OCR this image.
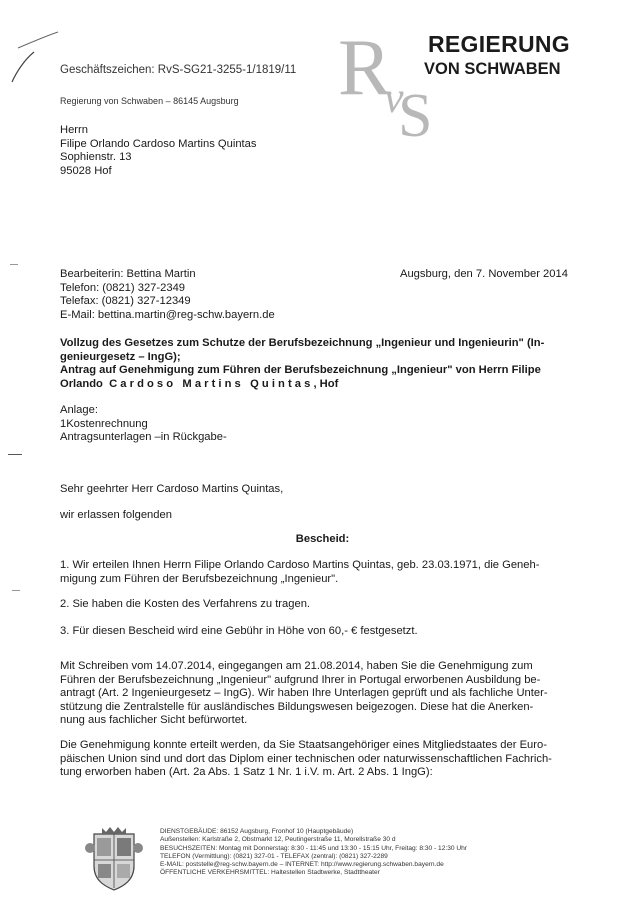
Geschäftszeichen: RvS-SG21-3255-1/1819/11
Regierung von Schwaben – 86145 Augsburg R
v
S
REGIERUNG
VON SCHWABEN
Herrn
Filipe Orlando Cardoso Martins Quintas
Sophienstr. 13
95028 Hof
Bearbeiterin: Bettina Martin
Telefon: (0821) 327-2349
Telefax: (0821) 327-12349
E-Mail: bettina.martin@reg-schw.bayern.de
Augsburg, den 7. November 2014
Vollzug des Gesetzes zum Schutze der Berufsbezeichnung „Ingenieur und Ingenieurin" (In-
genieurgesetz – IngG);
Antrag auf Genehmigung zum Führen der Berufsbezeichnung „Ingenieur" von Herrn Filipe
Orlando Cardoso Martins Quintas, Hof
Anlage:
1Kostenrechnung
Antragsunterlagen –in Rückgabe-
Sehr geehrter Herr Cardoso Martins Quintas,
wir erlassen folgenden
Bescheid:
1. Wir erteilen Ihnen Herrn Filipe Orlando Cardoso Martins Quintas, geb. 23.03.1971, die Geneh-
migung zum Führen der Berufsbezeichnung „Ingenieur".
2. Sie haben die Kosten des Verfahrens zu tragen.
3. Für diesen Bescheid wird eine Gebühr in Höhe von 60,- € festgesetzt.
Mit Schreiben vom 14.07.2014, eingegangen am 21.08.2014, haben Sie die Genehmigung zum
Führen der Berufsbezeichnung „Ingenieur" aufgrund Ihrer in Portugal erworbenen Ausbildung be-
antragt (Art. 2 Ingenieurgesetz – IngG). Wir haben Ihre Unterlagen geprüft und als fachliche Unter-
stützung die Zentralstelle für ausländisches Bildungswesen beigezogen. Diese hat die Anerken-
nung aus fachlicher Sicht befürwortet.
Die Genehmigung konnte erteilt werden, da Sie Staatsangehöriger eines Mitgliedstaates der Euro-
päischen Union sind und dort das Diplom einer technischen oder naturwissenschaftlichen Fachrich-
tung erworben haben (Art. 2a Abs. 1 Satz 1 Nr. 1 i.V. m. Art. 2 Abs. 1 IngG):
DIENSTGEBÄUDE: 86152 Augsburg, Fronhof 10 (Hauptgebäude)
Außenstellen: Karlstraße 2, Obstmarkt 12, Peutingerstraße 11, Morellstraße 30 d
BESUCHSZEITEN: Montag mit Donnerstag: 8:30 - 11:45 und 13:30 - 15:15 Uhr, Freitag: 8:30 - 12:30 Uhr
TELEFON (Vermittlung): (0821) 327-01 - TELEFAX (zentral): (0821) 327-2289
E-MAIL: poststelle@reg-schw.bayern.de – INTERNET: http://www.regierung.schwaben.bayern.de
ÖFFENTLICHE VERKEHRSMITTEL: Haltestellen Stadtwerke, Stadttheater
